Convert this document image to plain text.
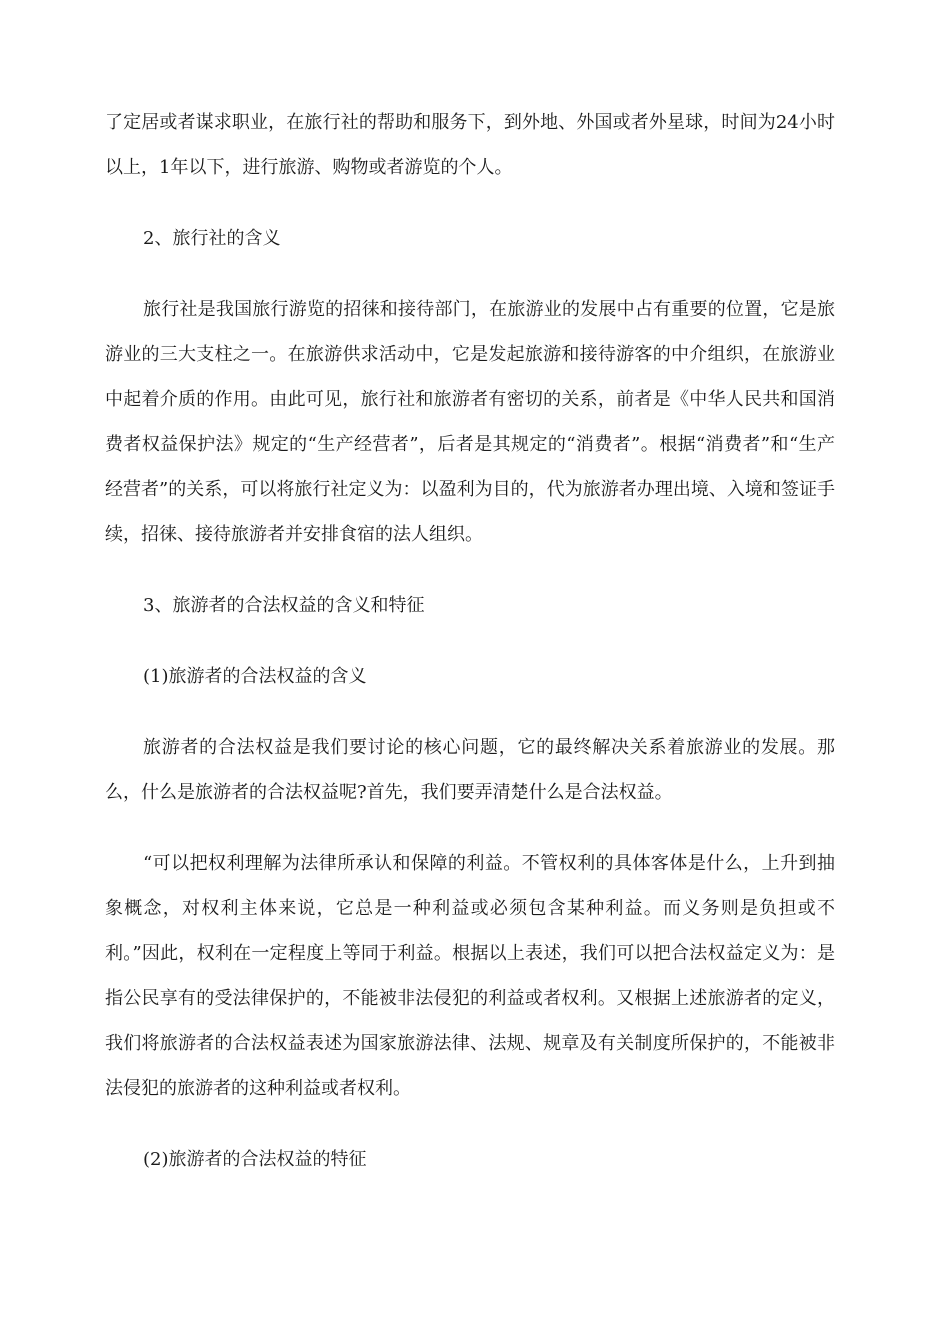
了定居或者谋求职业，在旅行社的帮助和服务下，到外地、外国或者外星球，时间为24小时以上，1年以下，进行旅游、购物或者游览的个人。

2、旅行社的含义

旅行社是我国旅行游览的招徕和接待部门，在旅游业的发展中占有重要的位置，它是旅游业的三大支柱之一。在旅游供求活动中，它是发起旅游和接待游客的中介组织，在旅游业中起着介质的作用。由此可见，旅行社和旅游者有密切的关系，前者是《中华人民共和国消费者权益保护法》规定的“生产经营者”，后者是其规定的“消费者”。根据“消费者”和“生产经营者”的关系，可以将旅行社定义为：以盈利为目的，代为旅游者办理出境、入境和签证手续，招徕、接待旅游者并安排食宿的法人组织。

3、旅游者的合法权益的含义和特征

(1)旅游者的合法权益的含义

旅游者的合法权益是我们要讨论的核心问题，它的最终解决关系着旅游业的发展。那么，什么是旅游者的合法权益呢?首先，我们要弄清楚什么是合法权益。

“可以把权利理解为法律所承认和保障的利益。不管权利的具体客体是什么，上升到抽象概念，对权利主体来说，它总是一种利益或必须包含某种利益。而义务则是负担或不利。”因此，权利在一定程度上等同于利益。根据以上表述，我们可以把合法权益定义为：是指公民享有的受法律保护的，不能被非法侵犯的利益或者权利。又根据上述旅游者的定义，我们将旅游者的合法权益表述为国家旅游法律、法规、规章及有关制度所保护的，不能被非法侵犯的旅游者的这种利益或者权利。

(2)旅游者的合法权益的特征
